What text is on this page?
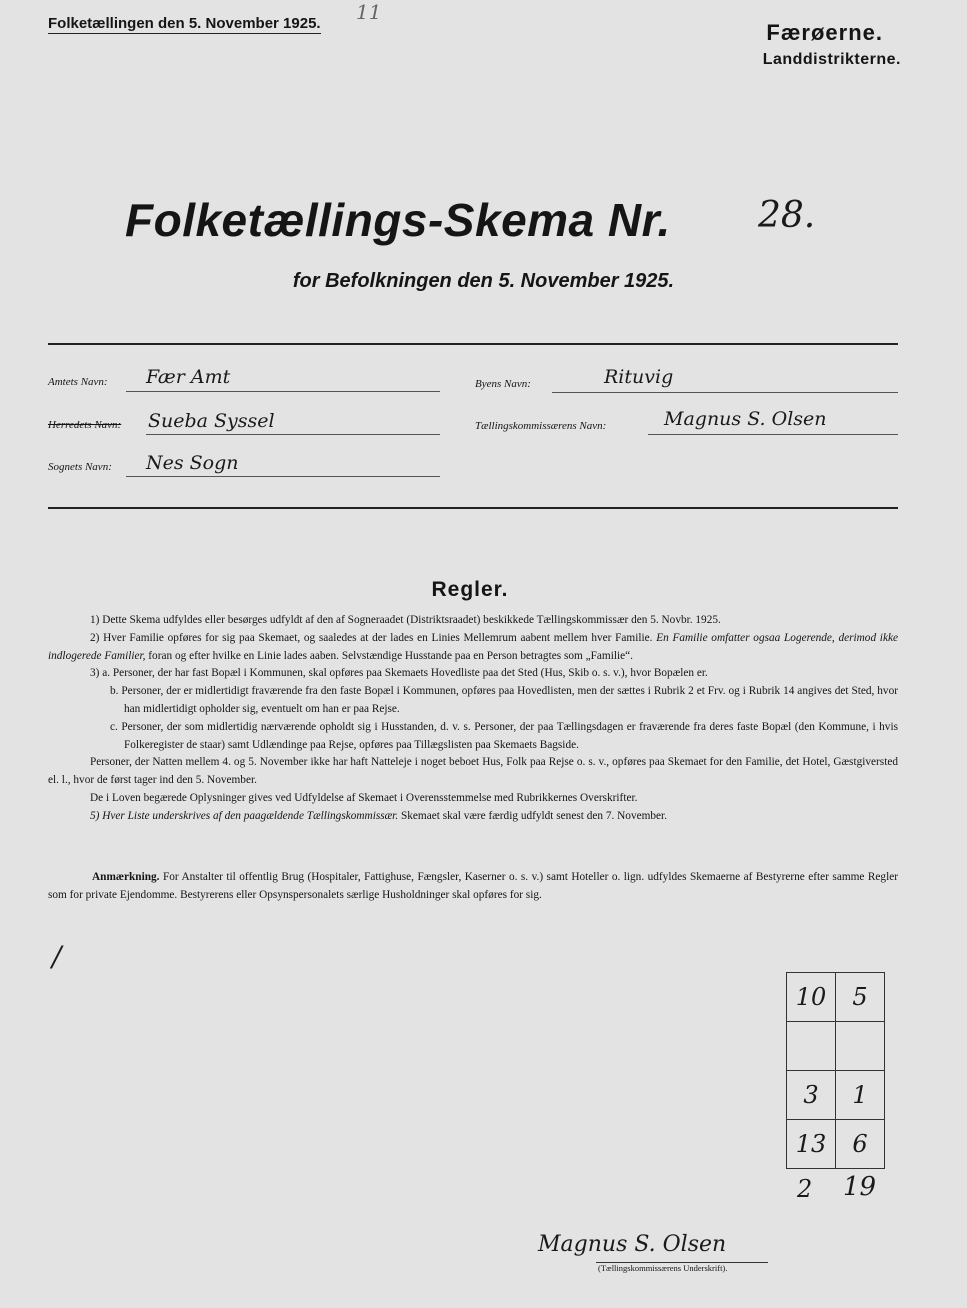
Folketællingen den 5. November 1925. 11
Færøerne.
Landdistrikterne.
Folketællings-Skema Nr. 28.
for Befolkningen den 5. November 1925.
Amtets Navn: Fær Amt
Herredets Navn: Sueba Syssel
Sognets Navn: Nes Sogn
Byens Navn:	Rituvig
Tællingskommissærens Navn:	Magnus S. Olsen
Regler.

1) Dette Skema udfyldes eller besørges udfyldt af den af Sogneraadet (Distriktsraadet) beskikkede Tællingskommissær den 5. Novbr. 1925.

2) Hver Familie opføres for sig paa Skemaet, og saaledes at der lades en Linies Mellemrum aabent mellem hver Familie. En Familie omfatter ogsaa Logerende, derimod ikke indlogerede Familier, foran og efter hvilke en Linie lades aaben. Selvstændige Husstande paa en Person betragtes som „Familie“.

3) a. Personer, der har fast Bopæl i Kommunen, skal opføres paa Skemaets Hovedliste paa det Sted (Hus, Skib o. s. v.), hvor Bopælen er.

b. Personer, der er midlertidigt fraværende fra den faste Bopæl i Kommunen, opføres paa Hovedlisten, men der sættes i Rubrik 2 et Frv. og i Rubrik 14 angives det Sted, hvor han midlertidigt opholder sig, eventuelt om han er paa Rejse.

c. Personer, der som midlertidig nærværende opholdt sig i Husstanden, d. v. s. Personer, der paa Tællingsdagen er fraværende fra deres faste Bopæl (den Kommune, i hvis Folkeregister de staar) samt Udlændinge paa Rejse, opføres paa Tillægslisten paa Skemaets Bagside.

Personer, der Natten mellem 4. og 5. November ikke har haft Natteleje i noget beboet Hus, Folk paa Rejse o. s. v., opføres paa Skemaet for den Familie, det Hotel, Gæstgiversted el. l., hvor de først tager ind den 5. November.

De i Loven begærede Oplysninger gives ved Udfyldelse af Skemaet i Overensstemmelse med Rubrikkernes Overskrifter.

5) Hver Liste underskrives af den paagældende Tællingskommissær. Skemaet skal være færdig udfyldt senest den 7. November.

Anmærkning. For Anstalter til offentlig Brug (Hospitaler, Fattighuse, Fængsler, Kaserner o. s. v.) samt Hoteller o. lign. udfyldes Skemaerne af Bestyrerne efter samme Regler som for private Ejendomme. Bestyrerens eller Opsynspersonalets særlige Husholdninger skal opføres for sig.
/
10	5

3	1
13	6
2 19
Magnus S. Olsen
(Tællingskommissærens Underskrift).
